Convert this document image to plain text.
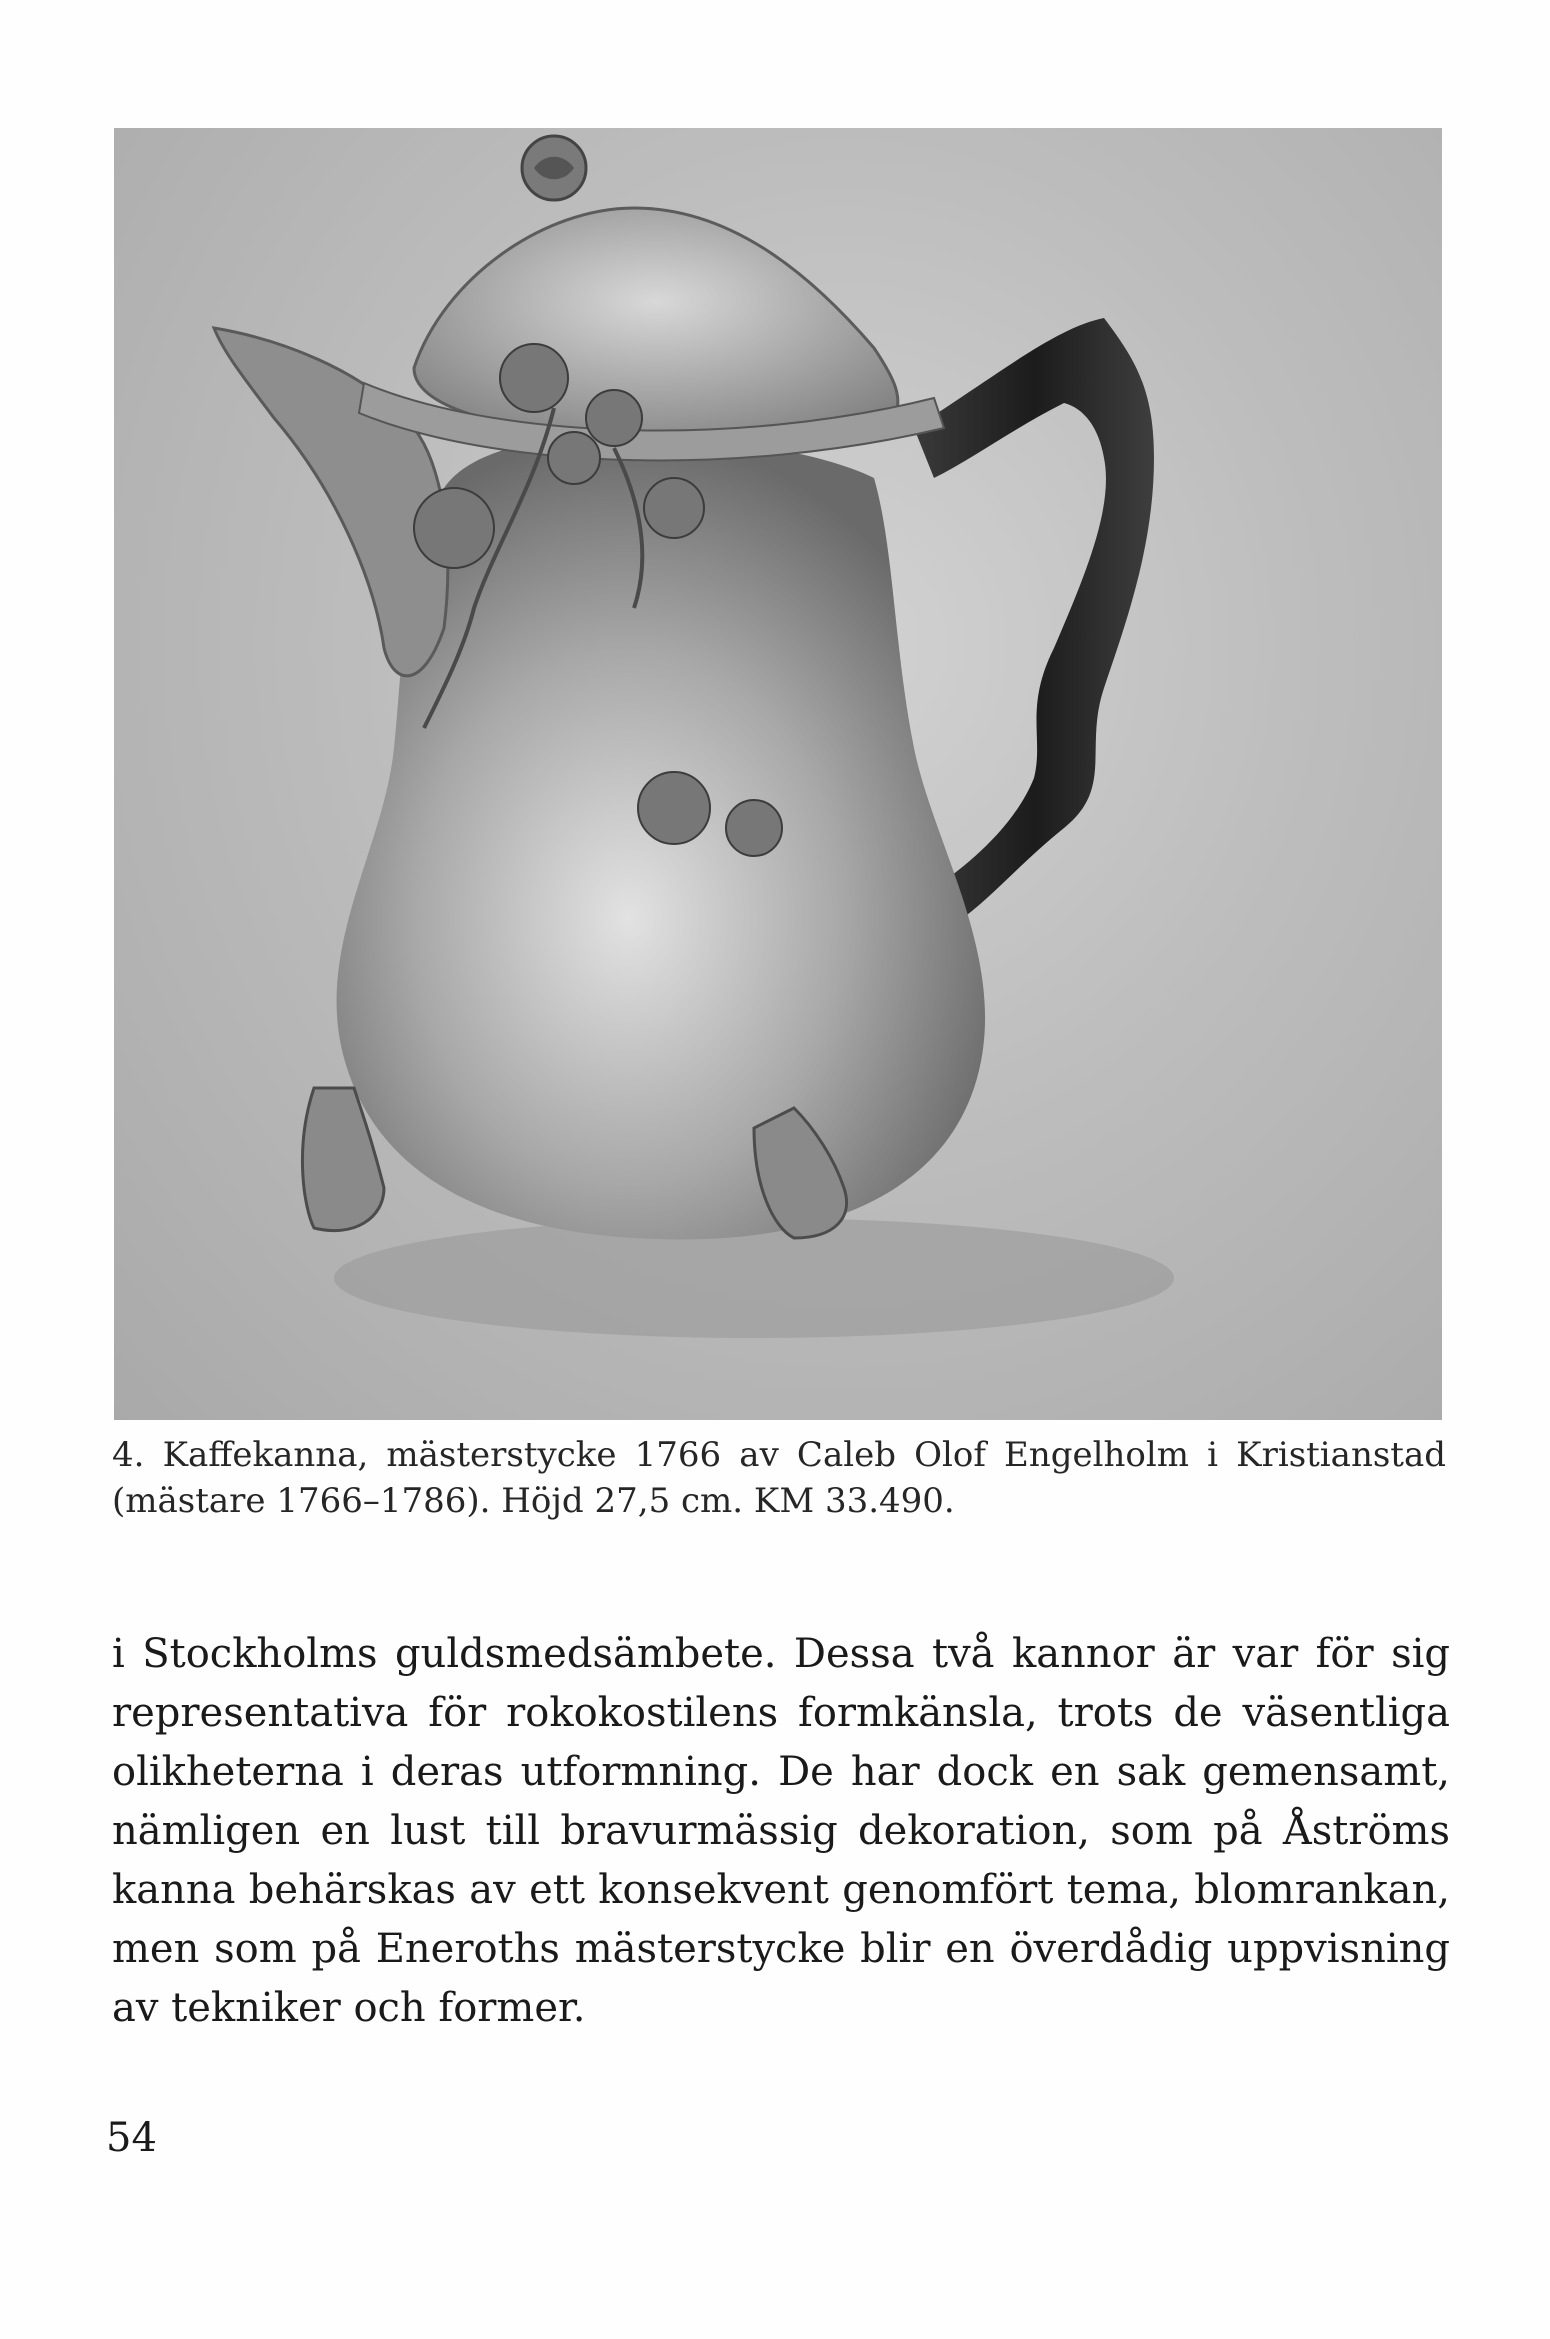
4. Kaffekanna, mästerstycke 1766 av Caleb Olof Engelholm i Kristianstad (mästare 1766–1786). Höjd 27,5 cm. KM 33.490.

i Stockholms guldsmedsämbete. Dessa två kannor är var för sig representativa för rokokostilens formkänsla, trots de väsentliga olikheterna i deras utformning. De har dock en sak gemensamt, nämligen en lust till bravurmässig dekoration, som på Åströms kanna behärskas av ett konsekvent genomfört tema, blomrankan, men som på Eneroths mästerstycke blir en överdådig uppvisning av tekniker och former.

54
